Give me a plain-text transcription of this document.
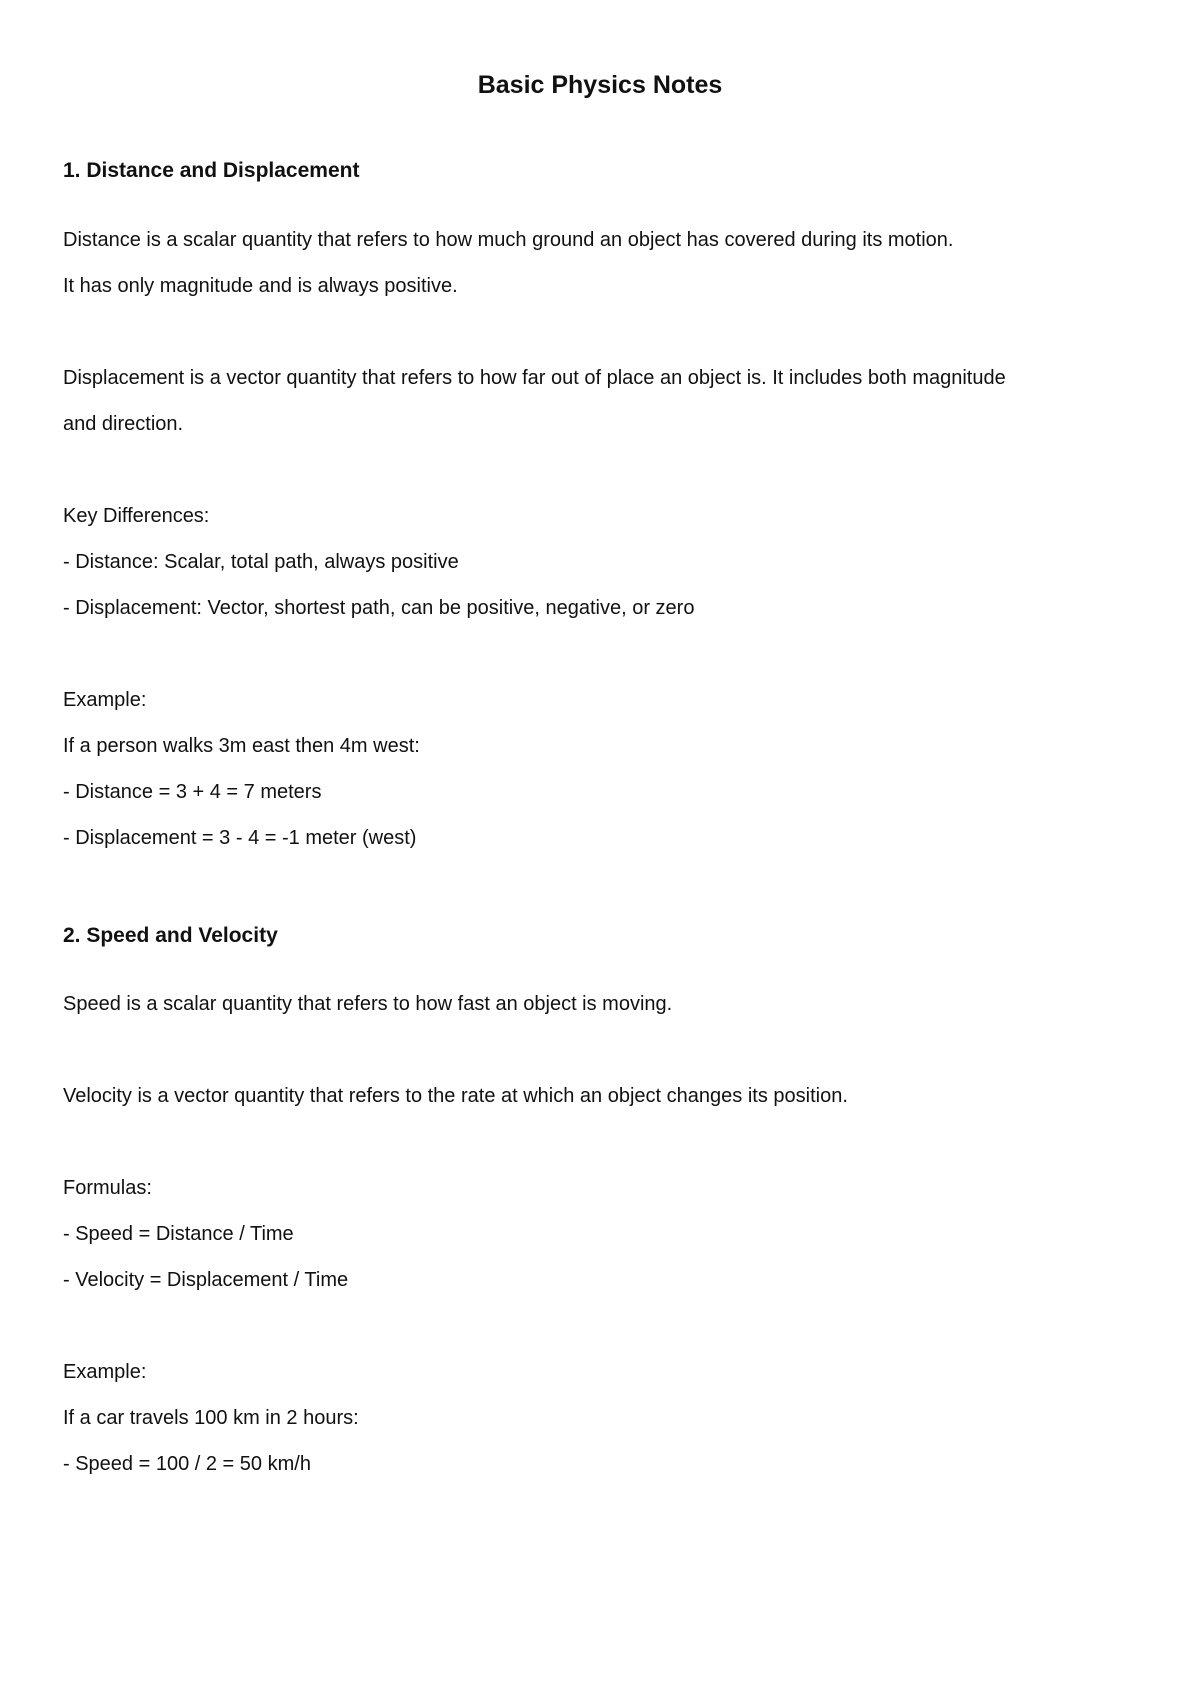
Basic Physics Notes
1. Distance and Displacement
Distance is a scalar quantity that refers to how much ground an object has covered during its motion.
It has only magnitude and is always positive.
Displacement is a vector quantity that refers to how far out of place an object is. It includes both magnitude
and direction.
Key Differences:
- Distance: Scalar, total path, always positive
- Displacement: Vector, shortest path, can be positive, negative, or zero
Example:
If a person walks 3m east then 4m west:
- Distance = 3 + 4 = 7 meters
- Displacement = 3 - 4 = -1 meter (west)
2. Speed and Velocity
Speed is a scalar quantity that refers to how fast an object is moving.
Velocity is a vector quantity that refers to the rate at which an object changes its position.
Formulas:
- Speed = Distance / Time
- Velocity = Displacement / Time
Example:
If a car travels 100 km in 2 hours:
- Speed = 100 / 2 = 50 km/h
